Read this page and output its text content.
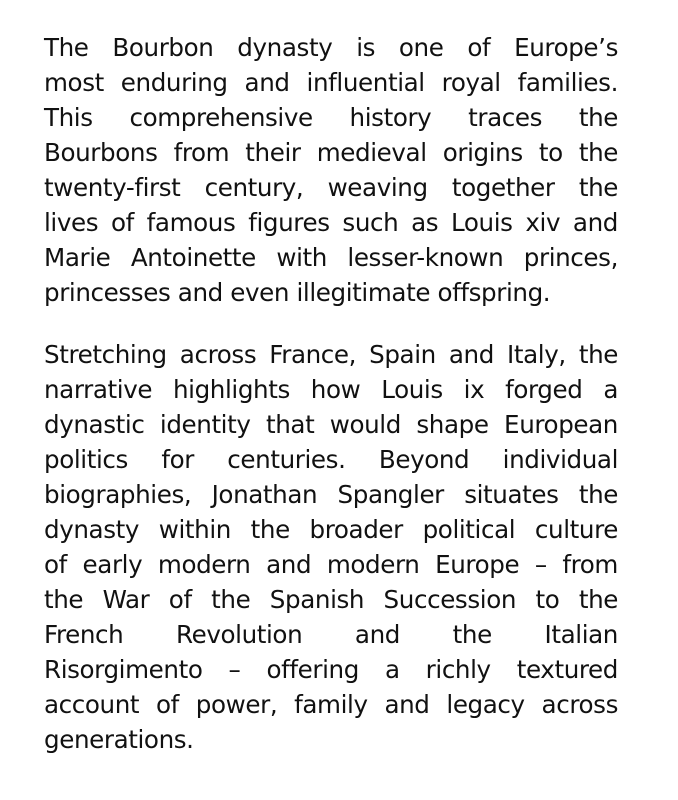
The Bourbon dynasty is one of Europe’s
most enduring and influential royal families.
This comprehensive history traces the
Bourbons from their medieval origins to the
twenty-first century, weaving together the
lives of famous figures such as Louis xiv and
Marie Antoinette with lesser-known princes,
princesses and even illegitimate offspring.

Stretching across France, Spain and Italy, the
narrative highlights how Louis ix forged a
dynastic identity that would shape European
politics for centuries. Beyond individual
biographies, Jonathan Spangler situates the
dynasty within the broader political culture
of early modern and modern Europe – from
the War of the Spanish Succession to the
French Revolution and the Italian
Risorgimento – offering a richly textured
account of power, family and legacy across
generations.
